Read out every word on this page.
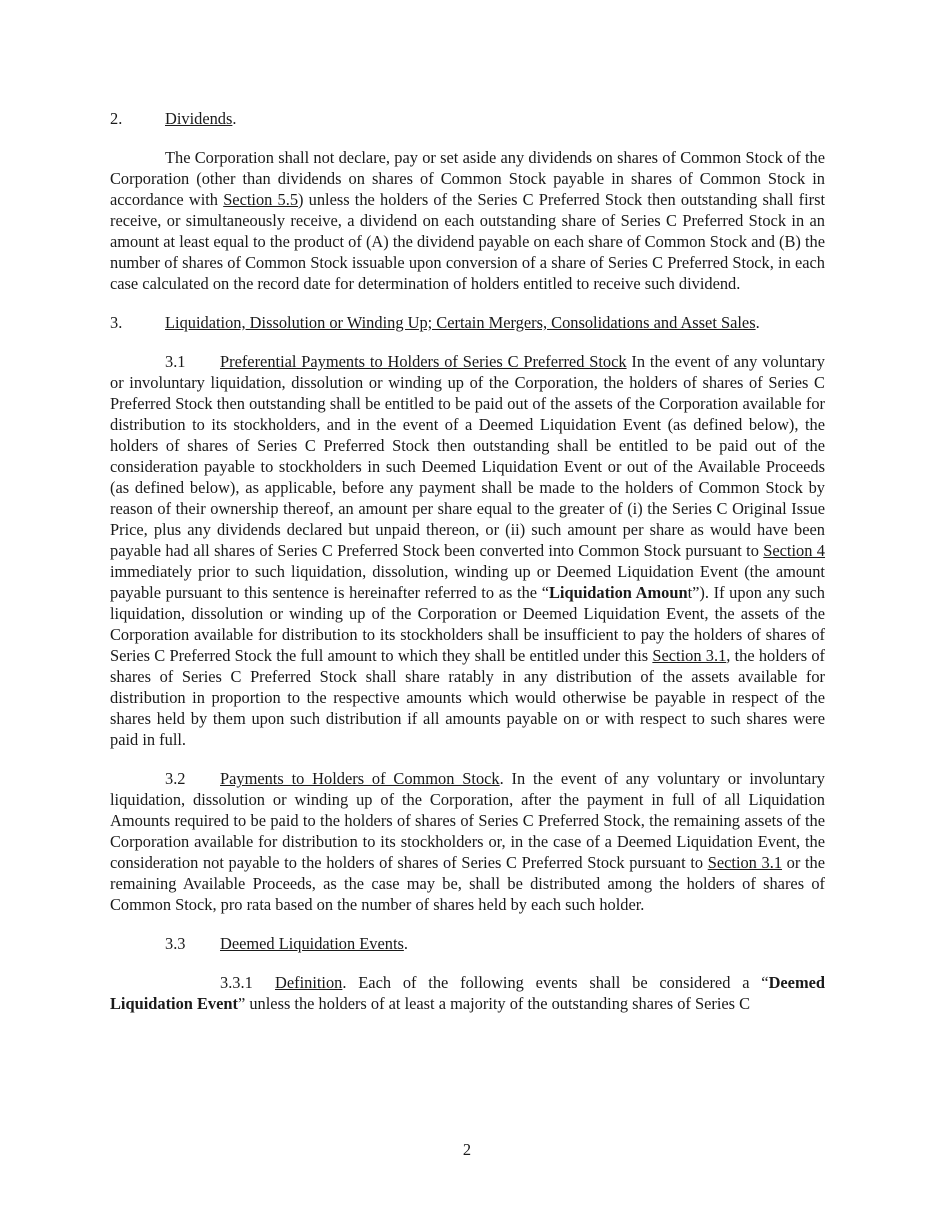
2.	Dividends.

The Corporation shall not declare, pay or set aside any dividends on shares of Common Stock of the Corporation (other than dividends on shares of Common Stock payable in shares of Common Stock in accordance with Section 5.5) unless the holders of the Series C Preferred Stock then outstanding shall first receive, or simultaneously receive, a dividend on each outstanding share of Series C Preferred Stock in an amount at least equal to the product of (A) the dividend payable on each share of Common Stock and (B) the number of shares of Common Stock issuable upon conversion of a share of Series C Preferred Stock, in each case calculated on the record date for determination of holders entitled to receive such dividend.

3.	Liquidation, Dissolution or Winding Up; Certain Mergers, Consolidations and Asset Sales.

3.1 Preferential Payments to Holders of Series C Preferred Stock In the event of any voluntary or involuntary liquidation, dissolution or winding up of the Corporation, the holders of shares of Series C Preferred Stock then outstanding shall be entitled to be paid out of the assets of the Corporation available for distribution to its stockholders, and in the event of a Deemed Liquidation Event (as defined below), the holders of shares of Series C Preferred Stock then outstanding shall be entitled to be paid out of the consideration payable to stockholders in such Deemed Liquidation Event or out of the Available Proceeds (as defined below), as applicable, before any payment shall be made to the holders of Common Stock by reason of their ownership thereof, an amount per share equal to the greater of (i) the Series C Original Issue Price, plus any dividends declared but unpaid thereon, or (ii) such amount per share as would have been payable had all shares of Series C Preferred Stock been converted into Common Stock pursuant to Section 4 immediately prior to such liquidation, dissolution, winding up or Deemed Liquidation Event (the amount payable pursuant to this sentence is hereinafter referred to as the “Liquidation Amount”). If upon any such liquidation, dissolution or winding up of the Corporation or Deemed Liquidation Event, the assets of the Corporation available for distribution to its stockholders shall be insufficient to pay the holders of shares of Series C Preferred Stock the full amount to which they shall be entitled under this Section 3.1, the holders of shares of Series C Preferred Stock shall share ratably in any distribution of the assets available for distribution in proportion to the respective amounts which would otherwise be payable in respect of the shares held by them upon such distribution if all amounts payable on or with respect to such shares were paid in full.

3.2 Payments to Holders of Common Stock. In the event of any voluntary or involuntary liquidation, dissolution or winding up of the Corporation, after the payment in full of all Liquidation Amounts required to be paid to the holders of shares of Series C Preferred Stock, the remaining assets of the Corporation available for distribution to its stockholders or, in the case of a Deemed Liquidation Event, the consideration not payable to the holders of shares of Series C Preferred Stock pursuant to Section 3.1 or the remaining Available Proceeds, as the case may be, shall be distributed among the holders of shares of Common Stock, pro rata based on the number of shares held by each such holder.

3.3	Deemed Liquidation Events.

3.3.1 Definition. Each of the following events shall be considered a “Deemed Liquidation Event” unless the holders of at least a majority of the outstanding shares of Series C

2
